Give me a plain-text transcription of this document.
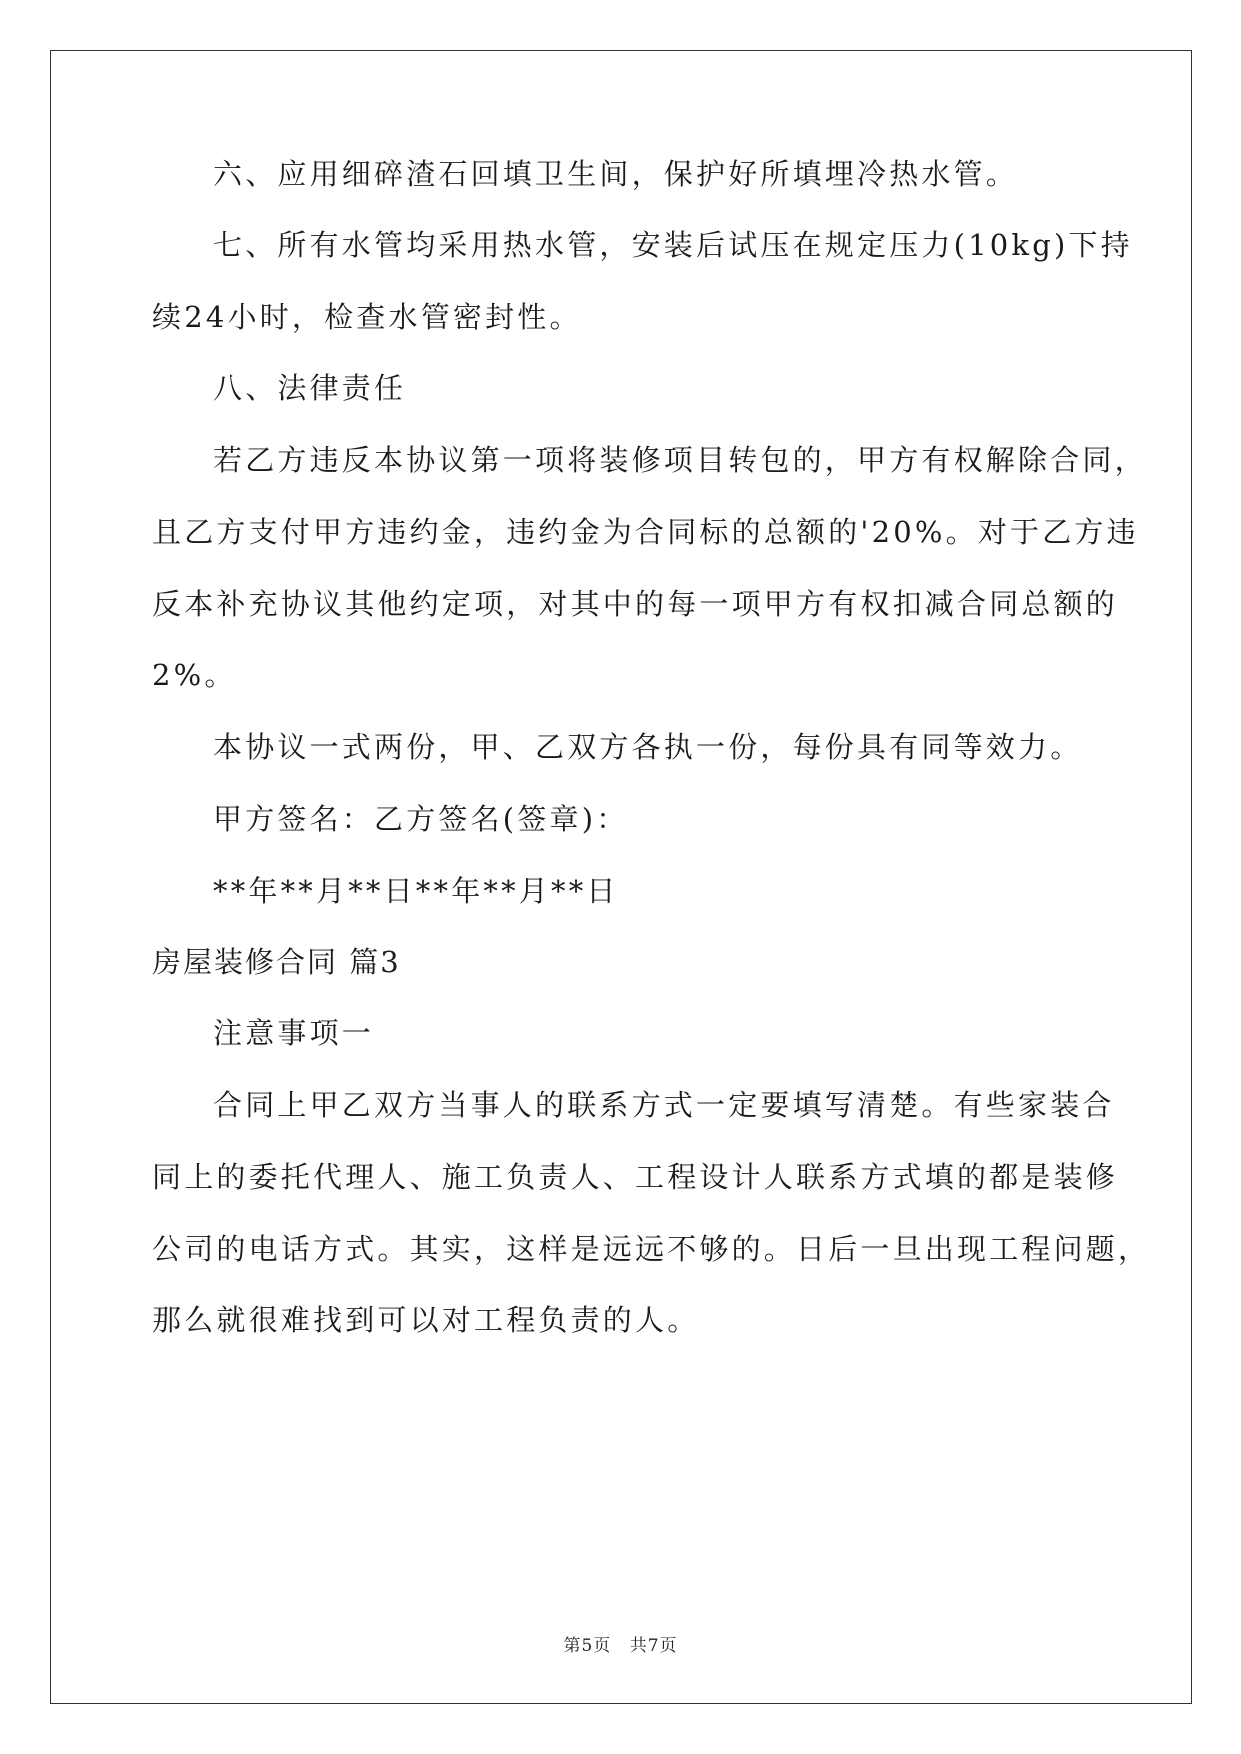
六、应用细碎渣石回填卫生间，保护好所填埋冷热水管。
七、所有水管均采用热水管，安装后试压在规定压力(10kg)下持
续24小时，检查水管密封性。
八、法律责任
若乙方违反本协议第一项将装修项目转包的，甲方有权解除合同，
且乙方支付甲方违约金，违约金为合同标的总额的'20%。对于乙方违
反本补充协议其他约定项，对其中的每一项甲方有权扣减合同总额的
2%。
本协议一式两份，甲、乙双方各执一份，每份具有同等效力。
甲方签名：乙方签名(签章)：
**年**月**日**年**月**日
房屋装修合同 篇3
注意事项一
合同上甲乙双方当事人的联系方式一定要填写清楚。有些家装合
同上的委托代理人、施工负责人、工程设计人联系方式填的都是装修
公司的电话方式。其实，这样是远远不够的。日后一旦出现工程问题，
那么就很难找到可以对工程负责的人。
第5页 共7页
